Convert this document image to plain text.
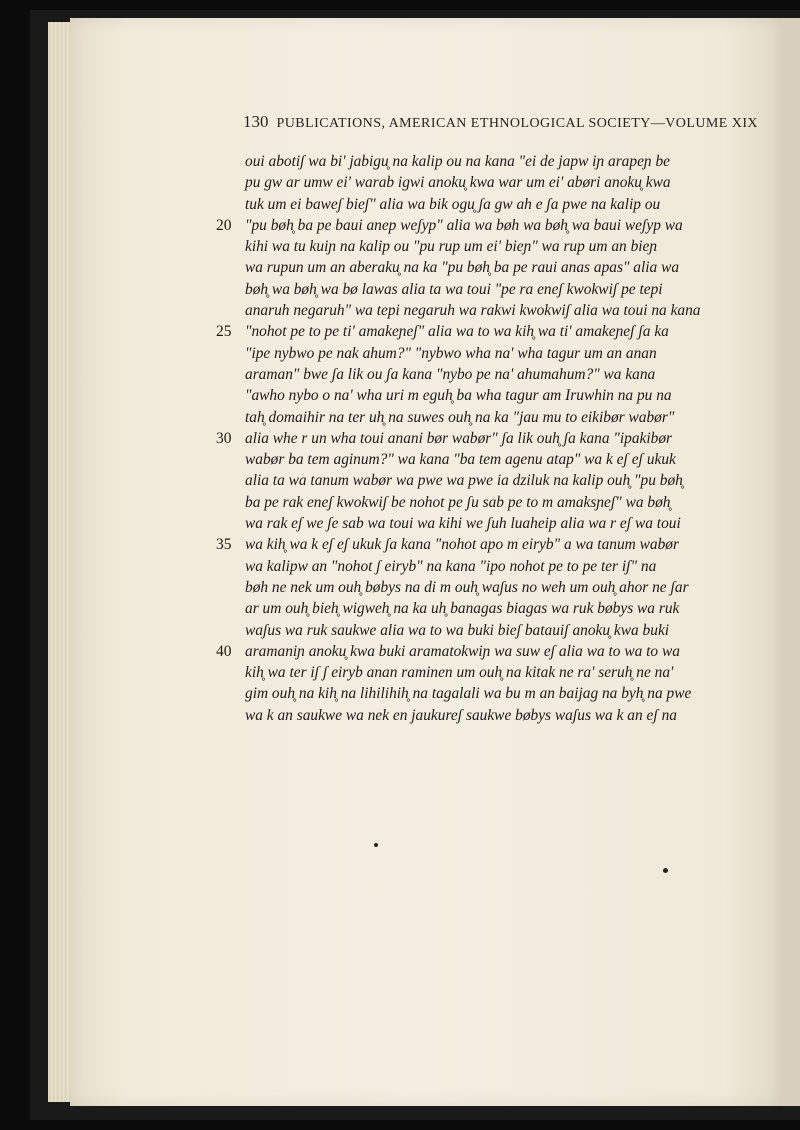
130 PUBLICATIONS, AMERICAN ETHNOLOGICAL SOCIETY—VOLUME XIX
oui abotiʃ wa bi' jabigu̥ na kalip ou na kana "ei de japw iɲ arapeɲ be
pu gw ar umw ei' warab igwi anoku̥ kwa war um ei' abøri anoku̥ kwa
tuk um ei baweʃ bieʃ" alia wa bik ogu̥ ʃa gw ah e ʃa pwe na kalip ou
20 "pu bøh̥ ba pe baui anep weʃyp" alia wa bøh wa bøh̥ wa baui weʃyp wa
kihi wa tu kuiɲ na kalip ou "pu rup um ei' bieɲ" wa rup um an bieɲ
wa rupun um an aberaku̥ na ka "pu bøh̥ ba pe raui anas apas" alia wa
bøh̥ wa bøh̥ wa bø lawas alia ta wa toui "pe ra eneʃ kwokwiʃ pe tepi
anaruh negaruh" wa tepi negaruh wa rakwi kwokwiʃ alia wa toui na kana
25 "nohot pe to pe ti' amakeɲeʃ" alia wa to wa kih̥ wa ti' amakeɲeʃ ʃa ka
"ipe nybwo pe nak ahum?" "nybwo wha na' wha tagur um an anan
araman" bwe ʃa lik ou ʃa kana "nybo pe na' ahumahum?" wa kana
"awho nybo o na' wha uri m eguh̥ ba wha tagur am Iruwhin na pu na
tah̥ domaihir na ter uh̥ na suwes ouh̥ na ka "jau mu to eikibør wabør"
30 alia whe r un wha toui anani bør wabør" ʃa lik ouh̥ ʃa kana "ipakibør
wabør ba tem aginum?" wa kana "ba tem agenu atap" wa k eʃ eʃ ukuk
alia ta wa tanum wabør wa pwe wa pwe ia dziluk na kalip ouh̥ "pu bøh̥
ba pe rak eneʃ kwokwiʃ be nohot pe ʃu sab pe to m amaksɲeʃ" wa bøh̥
wa rak eʃ we ʃe sab wa toui wa kihi we ʃuh luaheip alia wa r eʃ wa toui
35 wa kih̥ wa k eʃ eʃ ukuk ʃa kana "nohot apo m eiryb" a wa tanum wabør
wa kalipw an "nohot ʃ eiryb" na kana "ipo nohot pe to pe ter iʃ" na
bøh ne nek um ouh̥ bøbys na di m ouh̥ waʃus no weh um ouh̥ ahor ne ʃar
ar um ouh̥ bieh̥ wigweh̥ na ka uh̥ banagas biagas wa ruk bøbys wa ruk
waʃus wa ruk saukwe alia wa to wa buki bieʃ batauiʃ anoku̥ kwa buki
40 aramaniɲ anoku̥ kwa buki aramatokwiɲ wa suw eʃ alia wa to wa to wa
kih̥ wa ter iʃ ʃ eiryb anan raminen um ouh̥ na kitak ne ra' seruh̥ ne na'
gim ouh̥ na kih̥ na lihilihih̥ na tagalali wa bu m an baijag na byh̥ na pwe
wa k an saukwe wa nek en jaukureʃ saukwe bøbys waʃus wa k an eʃ na
